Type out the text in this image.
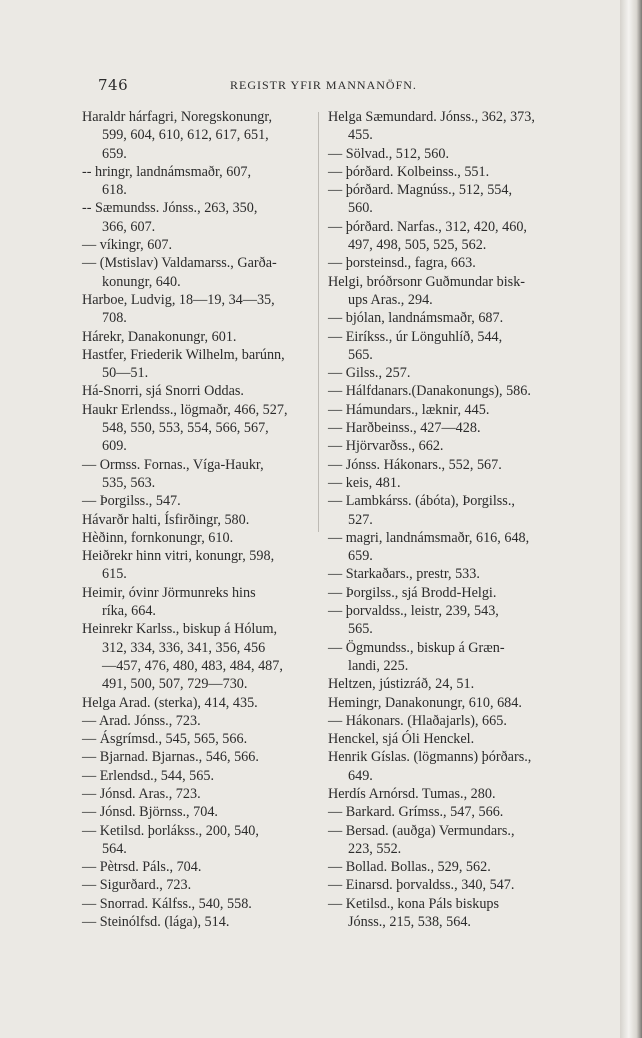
746	REGISTR YFIR MANNANÖFN.
Haraldr hárfagri, Noregskonungr,
599, 604, 610, 612, 617, 651,
659.
-- hringr, landnámsmaðr, 607,
618.
-- Sæmundss. Jónss., 263, 350,
366, 607.
— víkingr, 607.
— (Mstislav) Valdamarss., Garða-
konungr, 640.
Harboe, Ludvig, 18—19, 34—35,
708.
Hárekr, Danakonungr, 601.
Hastfer, Friederik Wilhelm, barúnn,
50—51.
Há-Snorri, sjá Snorri Oddas.
Haukr Erlendss., lögmaðr, 466, 527,
548, 550, 553, 554, 566, 567,
609.
— Ormss. Fornas., Víga-Haukr,
535, 563.
— Þorgilss., 547.
Hávarðr halti, Ísfirðingr, 580.
Hèðinn, fornkonungr, 610.
Heiðrekr hinn vitri, konungr, 598,
615.
Heimir, óvinr Jörmunreks hins
ríka, 664.
Heinrekr Karlss., biskup á Hólum,
312, 334, 336, 341, 356, 456
—457, 476, 480, 483, 484, 487,
491, 500, 507, 729—730.
Helga Arad. (sterka), 414, 435.
— Arad. Jónss., 723.
— Ásgrímsd., 545, 565, 566.
— Bjarnad. Bjarnas., 546, 566.
— Erlendsd., 544, 565.
— Jónsd. Aras., 723.
— Jónsd. Björnss., 704.
— Ketilsd. þorlákss., 200, 540,
564.
— Pètrsd. Páls., 704.
— Sigurðard., 723.
— Snorrad. Kálfss., 540, 558.
— Steinólfsd. (lága), 514.
Helga Sæmundard. Jónss., 362, 373,
455.
— Sölvad., 512, 560.
— þórðard. Kolbeinss., 551.
— þórðard. Magnúss., 512, 554,
560.
— þórðard. Narfas., 312, 420, 460,
497, 498, 505, 525, 562.
— þorsteinsd., fagra, 663.
Helgi, bróðrsonr Guðmundar bisk-
ups Aras., 294.
— bjólan, landnámsmaðr, 687.
— Eiríkss., úr Lönguhlíð, 544,
565.
— Gilss., 257.
— Hálfdanars.(Danakonungs), 586.
— Hámundars., læknir, 445.
— Harðbeinss., 427—428.
— Hjörvarðss., 662.
— Jónss. Hákonars., 552, 567.
— keis, 481.
— Lambkárss. (ábóta), Þorgilss.,
527.
— magri, landnámsmaðr, 616, 648,
659.
— Starkaðars., prestr, 533.
— Þorgilss., sjá Brodd-Helgi.
— þorvaldss., leistr, 239, 543,
565.
— Ögmundss., biskup á Græn-
landi, 225.
Heltzen, jústizráð, 24, 51.
Hemingr, Danakonungr, 610, 684.
— Hákonars. (Hlaðajarls), 665.
Henckel, sjá Óli Henckel.
Henrik Gíslas. (lögmanns) þórðars.,
649.
Herdís Arnórsd. Tumas., 280.
— Barkard. Grímss., 547, 566.
— Bersad. (auðga) Vermundars.,
223, 552.
— Bollad. Bollas., 529, 562.
— Einarsd. þorvaldss., 340, 547.
— Ketilsd., kona Páls biskups
Jónss., 215, 538, 564.
